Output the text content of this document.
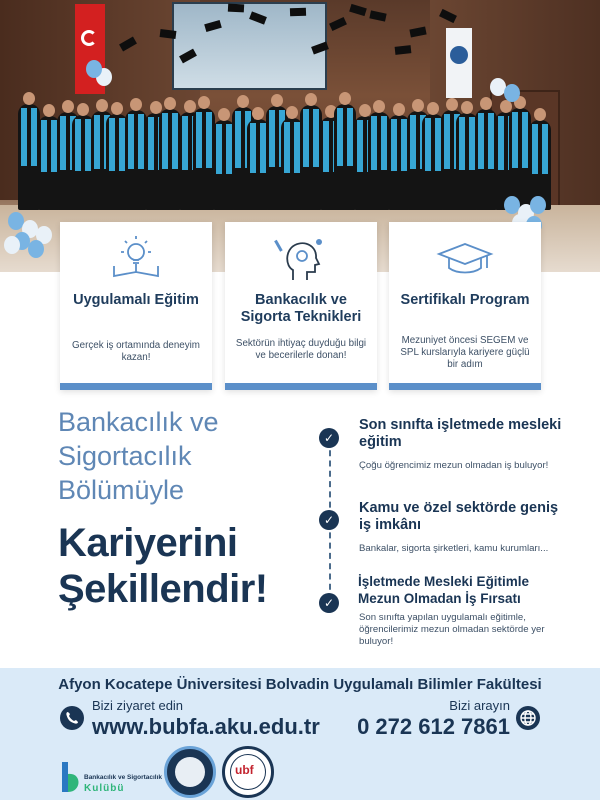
Uygulamalı Eğitim
Gerçek iş ortamında deneyim kazan!
Bankacılık ve Sigorta Teknikleri
Sektörün ihtiyaç duyduğu bilgi ve becerilerle donan!
Sertifikalı Program
Mezuniyet öncesi SEGEM ve SPL kurslarıyla kariyere güçlü bir adım
Bankacılık ve
Sigortacılık
Bölümüyle
Kariyerini
Şekillendir!
✓
Son sınıfta işletmede mesleki eğitim
Çoğu öğrencimiz mezun olmadan iş buluyor!
✓
Kamu ve özel sektörde geniş iş imkânı
Bankalar, sigorta şirketleri, kamu kurumları...
✓
İşletmede Mesleki Eğitimle Mezun Olmadan İş Fırsatı
Son sınıfta yapılan uygulamalı eğitimle, öğrencilerimiz mezun olmadan sektörde yer buluyor!
Afyon Kocatepe Üniversitesi Bolvadin Uygulamalı Bilimler Fakültesi
Bizi ziyaret edin
www.bubfa.aku.edu.tr
Bizi arayın
0 272 612 7861
Bankacılık ve Sigortacılık
Kulübü
ubf
